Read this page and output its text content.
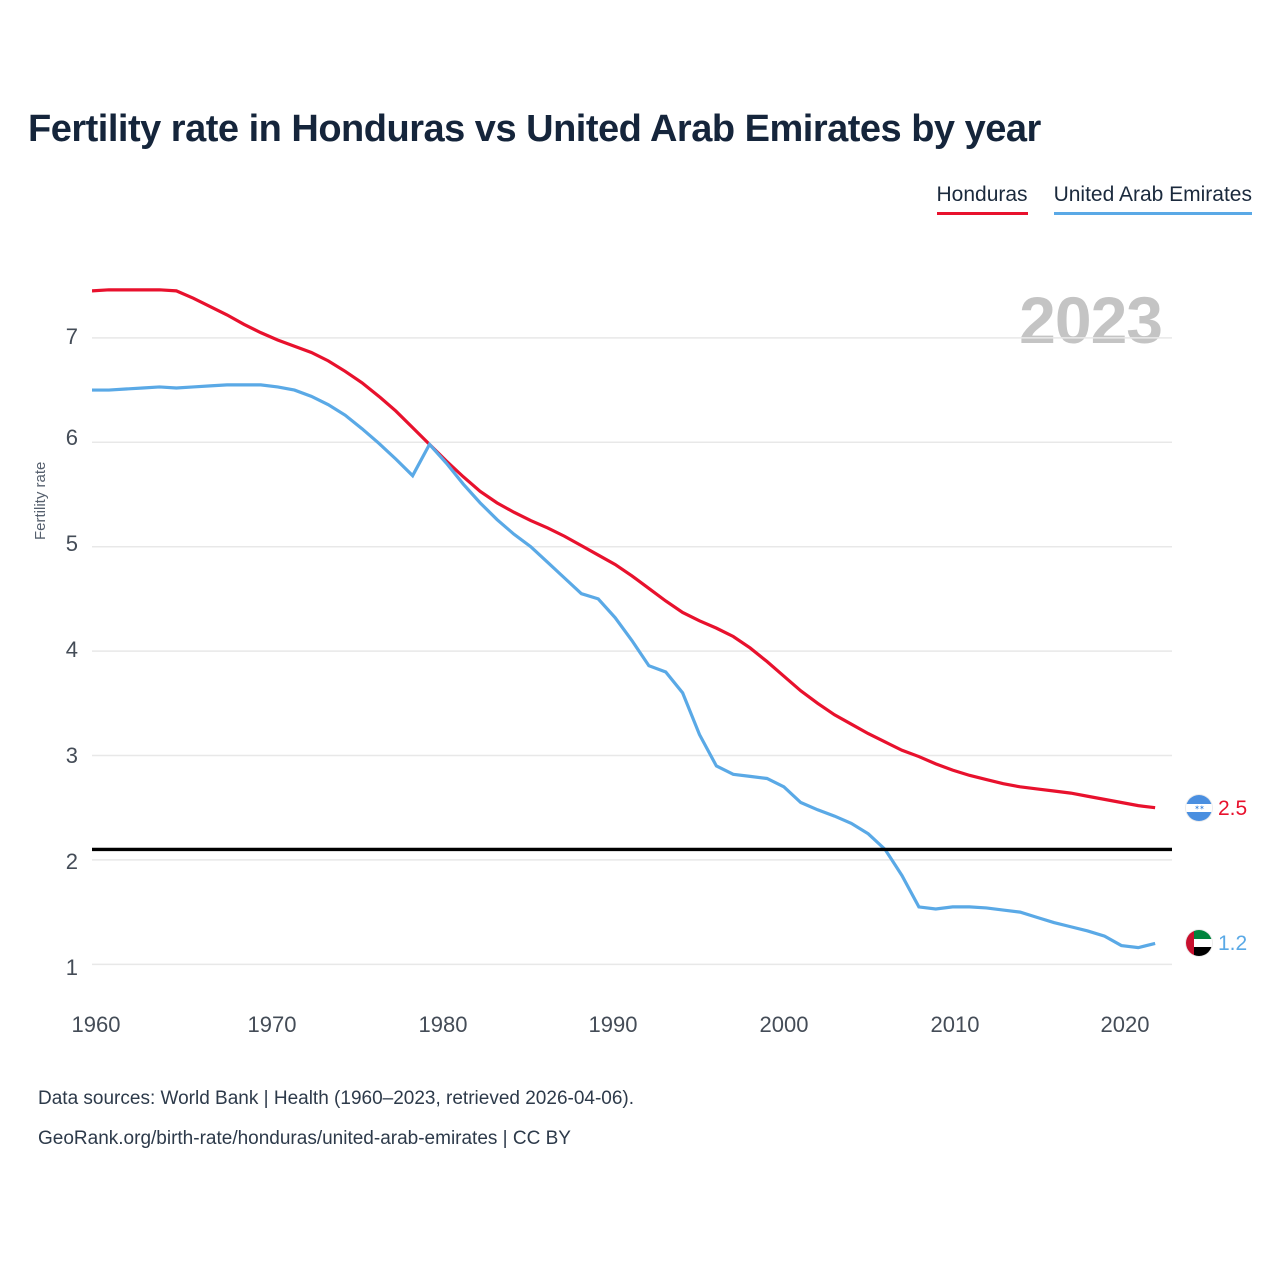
Fertility rate in Honduras vs United Arab Emirates by year
Honduras United Arab Emirates
2023
Fertility rate
7
6
5
4
3
2
1
1960	1970	1980	1990	2000	2010	2020
✶✶ 2.5
1.2
Data sources: World Bank | Health (1960–2023, retrieved 2026-04-06).
GeoRank.org/birth-rate/honduras/united-arab-emirates | CC BY
